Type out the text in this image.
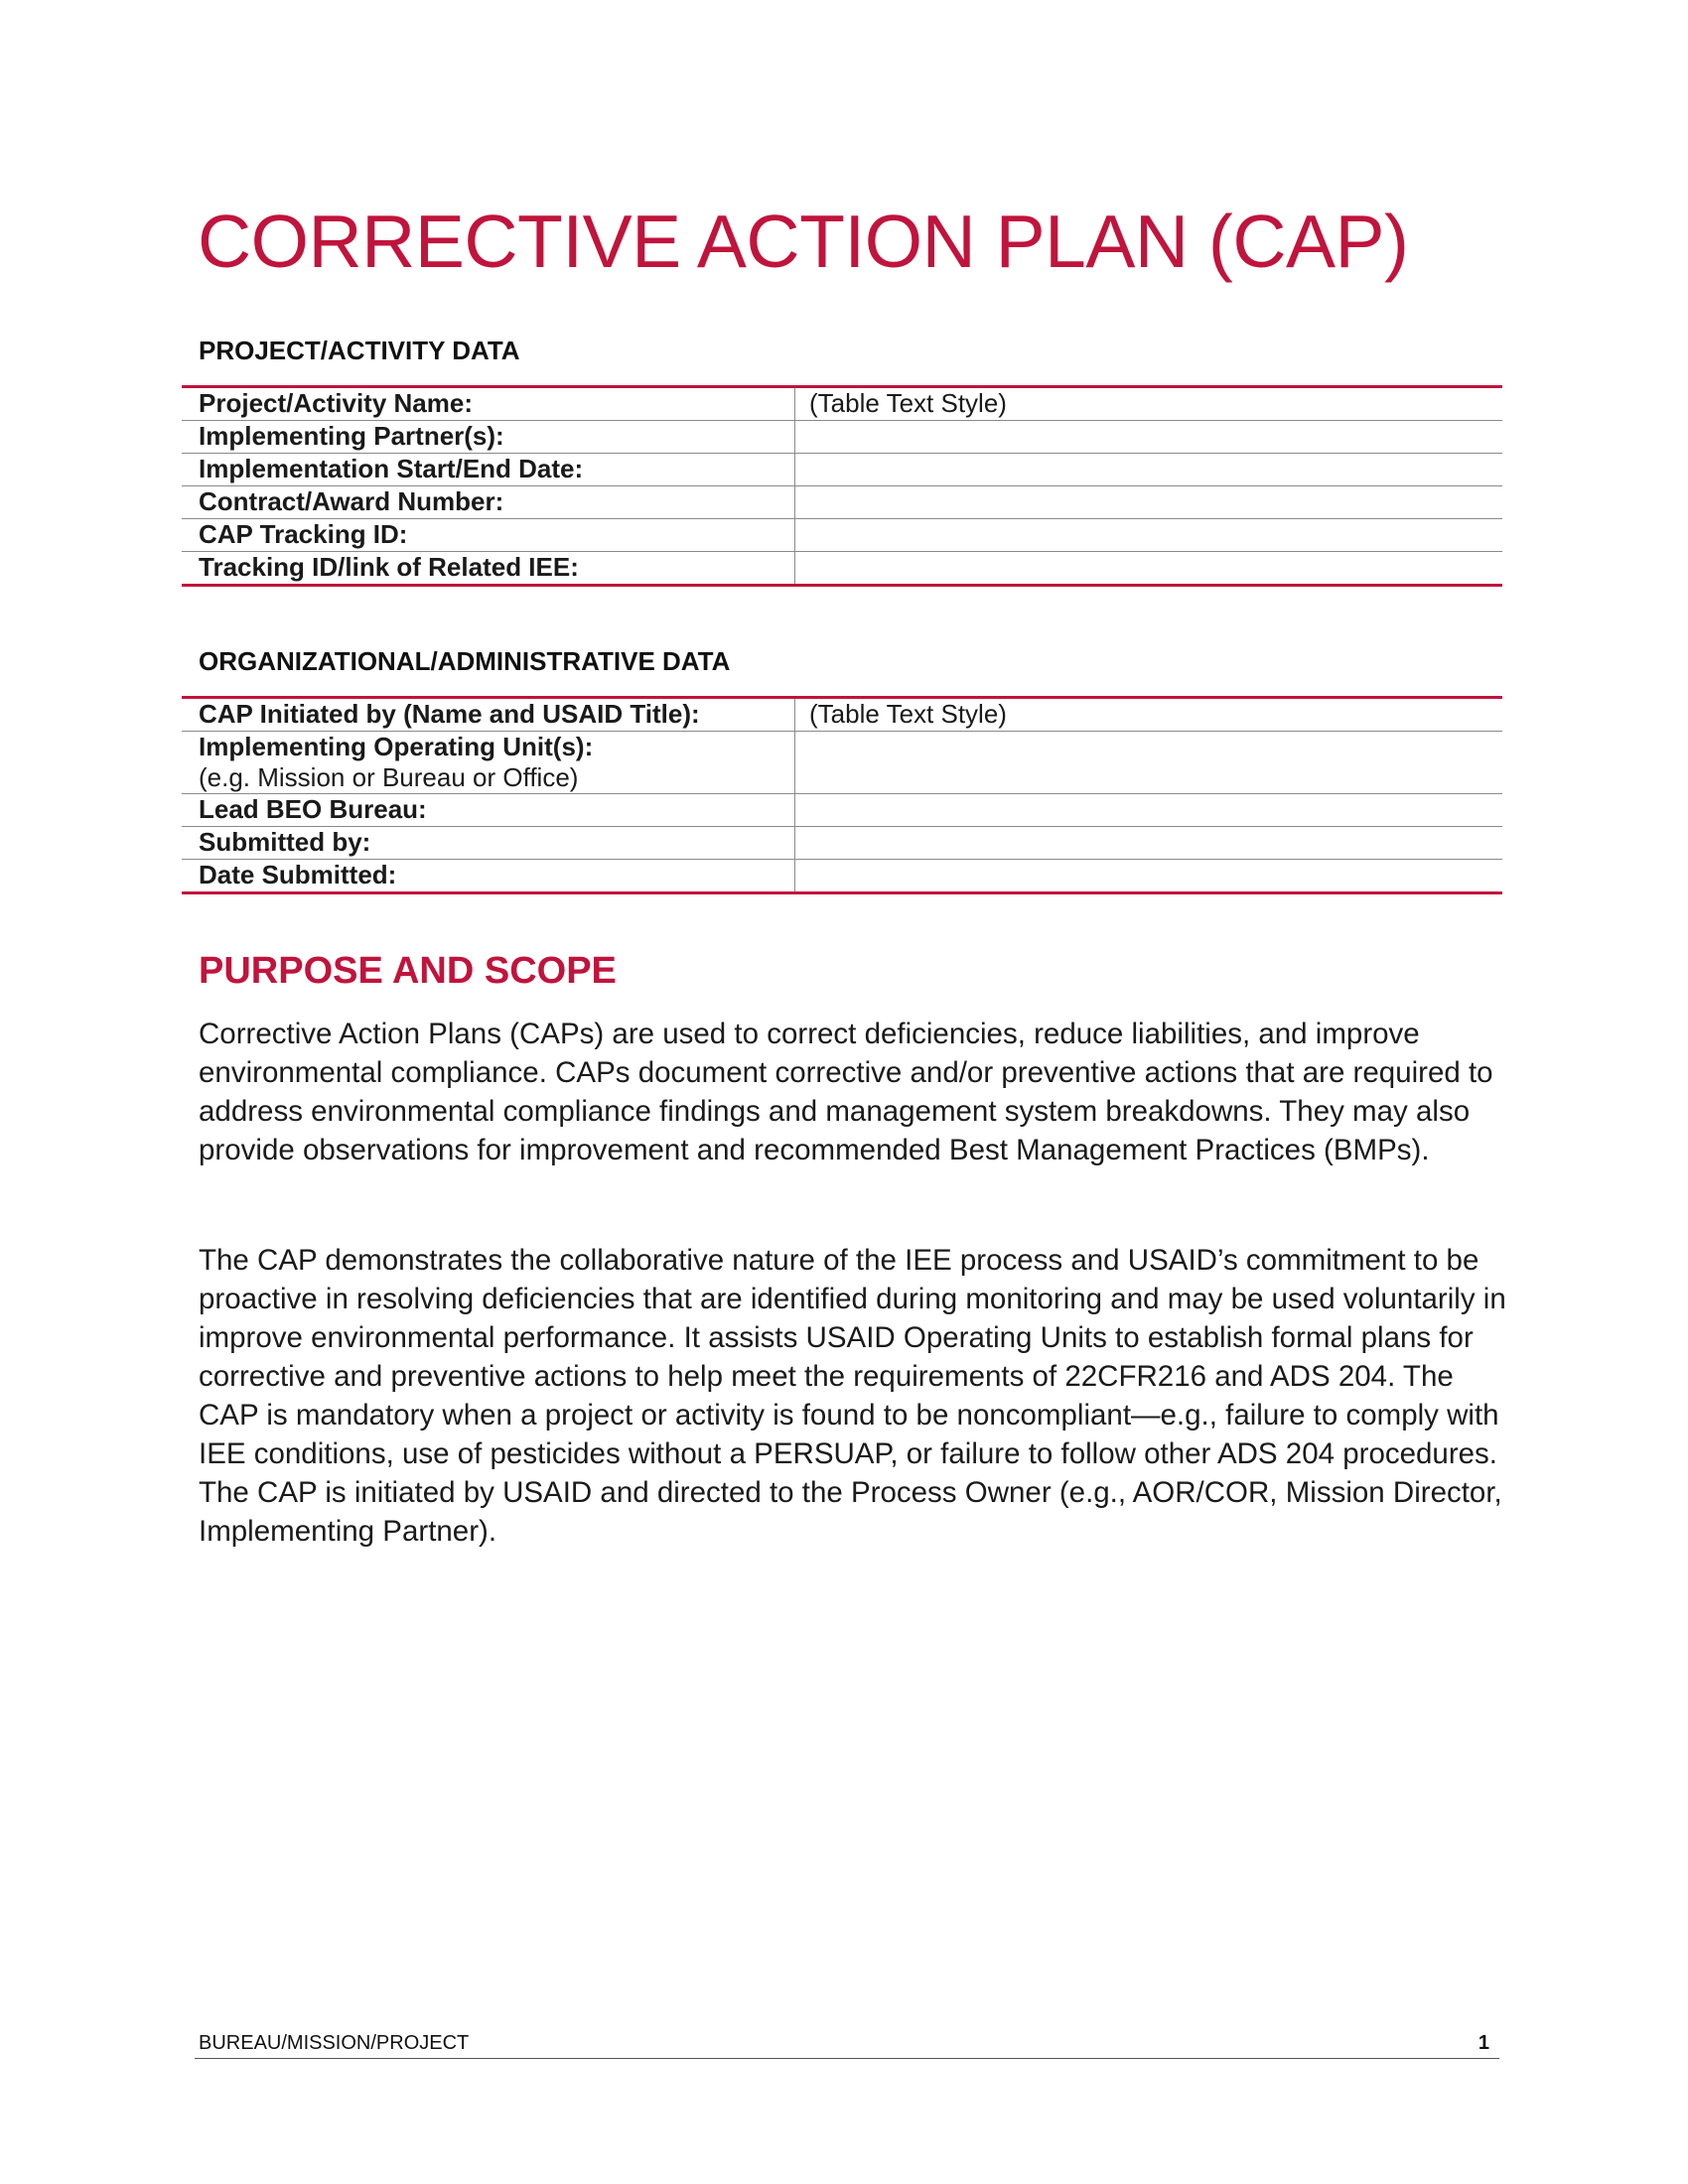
CORRECTIVE ACTION PLAN (CAP)
PROJECT/ACTIVITY DATA
Project/Activity Name:	(Table Text Style)
Implementing Partner(s):	
Implementation Start/End Date:	
Contract/Award Number:	
CAP Tracking ID:	
Tracking ID/link of Related IEE:	
ORGANIZATIONAL/ADMINISTRATIVE DATA
CAP Initiated by (Name and USAID Title):	(Table Text Style)
Implementing Operating Unit(s):
(e.g. Mission or Bureau or Office)	

Lead BEO Bureau:	
Submitted by:	
Date Submitted:	
PURPOSE AND SCOPE

Corrective Action Plans (CAPs) are used to correct deficiencies, reduce liabilities, and improve environmental compliance. CAPs document corrective and/or preventive actions that are required to address environmental compliance findings and management system breakdowns. They may also provide observations for improvement and recommended Best Management Practices (BMPs).

The CAP demonstrates the collaborative nature of the IEE process and USAID’s commitment to be proactive in resolving deficiencies that are identified during monitoring and may be used voluntarily in improve environmental performance. It assists USAID Operating Units to establish formal plans for corrective and preventive actions to help meet the requirements of 22CFR216 and ADS 204. The CAP is mandatory when a project or activity is found to be noncompliant—e.g., failure to comply with IEE conditions, use of pesticides without a PERSUAP, or failure to follow other ADS 204 procedures. The CAP is initiated by USAID and directed to the Process Owner (e.g., AOR/COR, Mission Director, Implementing Partner).

BUREAU/MISSION/PROJECT	1
